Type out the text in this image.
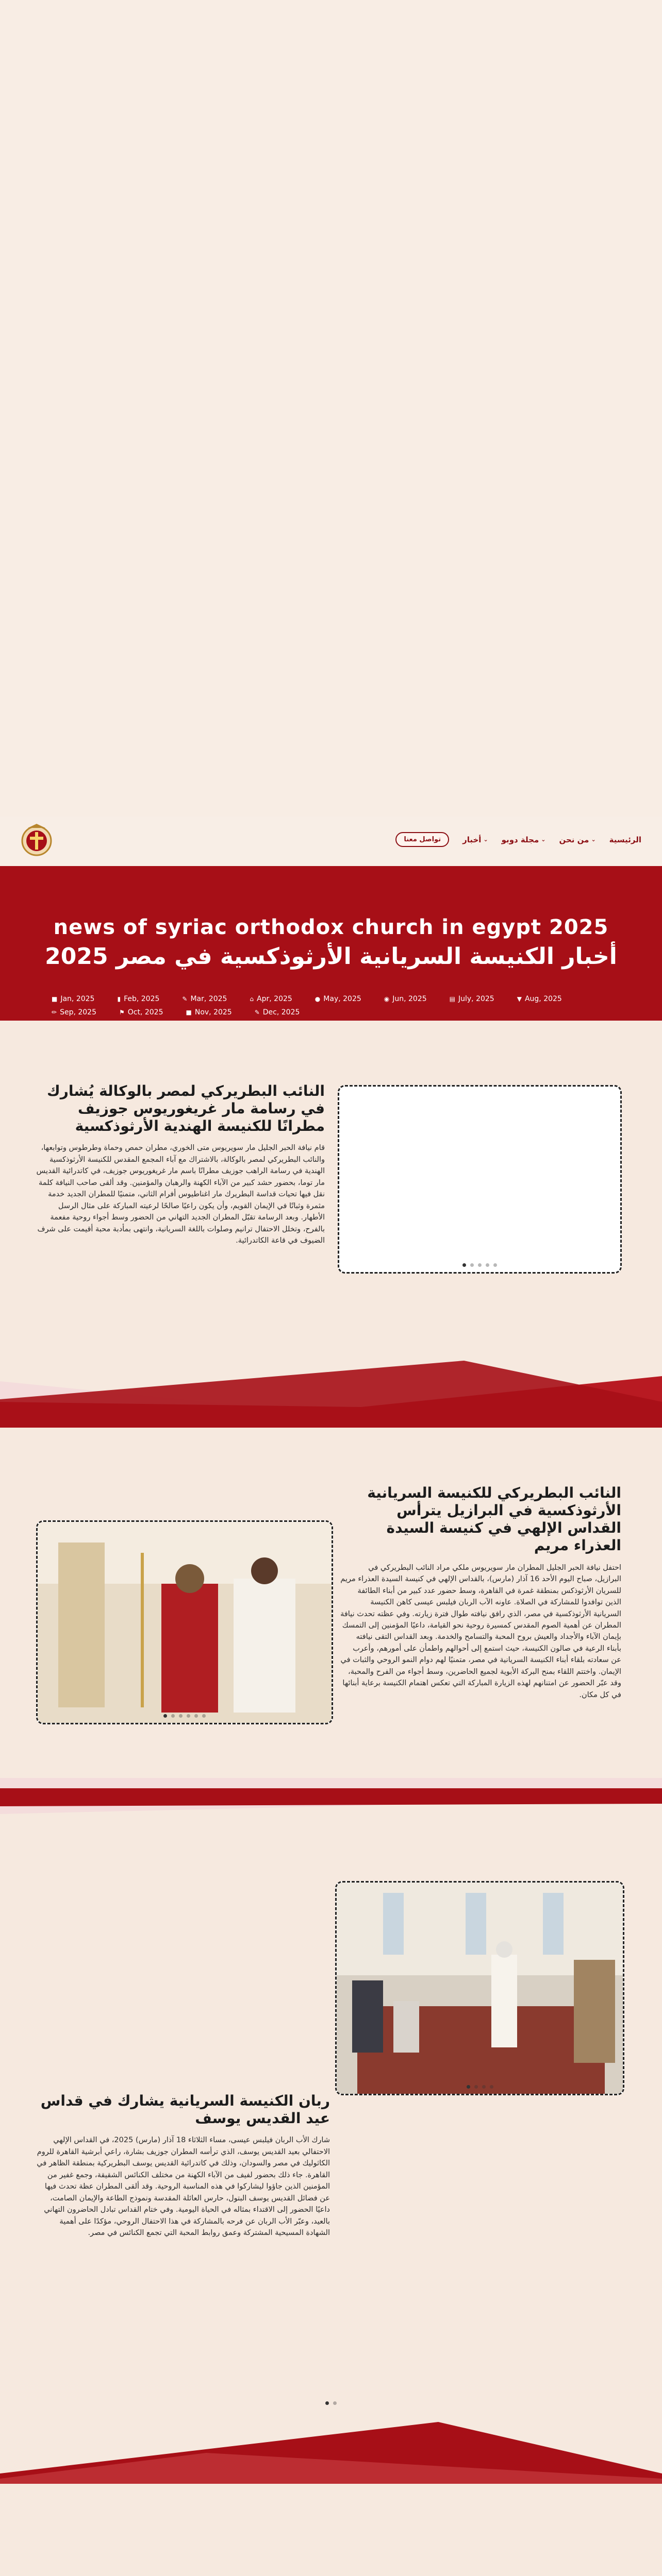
الرئيسية
من نحن ⌄
مجلة دوبو ⌄
أخبار ⌄
تواصل معنا
news of syriac orthodox church in egypt 2025
أخبار الكنيسة السريانية الأرثوذكسية في مصر 2025
■ Jan, 2025	▮ Feb, 2025	✎ Mar, 2025	⌂ Apr, 2025	● May, 2025	◉ Jun, 2025	▤ July, 2025	▼ Aug, 2025
✏ Sep, 2025	⚑ Oct, 2025	■ Nov, 2025	✎ Dec, 2025
النائب البطريركي لمصر بالوكالة يُشارك في رسامة مار غريغوريوس جوزيف مطرانًا للكنيسة الهندية الأرثوذكسية

قام نيافة الحبر الجليل مار سويريوس متى الخوري، مطران حمص وحماة وطرطوس وتوابعها، والنائب البطريركي لمصر بالوكالة، بالاشتراك مع آباء المجمع المقدس للكنيسة الأرثوذكسية الهندية في رسامة الراهب جوزيف مطرانًا باسم مار غريغوريوس جوزيف، في كاتدرائية القديس مار توما، بحضور حشد كبير من الآباء الكهنة والرهبان والمؤمنين. وقد ألقى صاحب النيافة كلمة نقل فيها تحيات قداسة البطريرك مار اغناطيوس أفرام الثاني، متمنيًا للمطران الجديد خدمة مثمرة وثباتًا في الإيمان القويم، وأن يكون راعيًا صالحًا لرعيته المباركة على مثال الرسل الأطهار. وبعد الرسامة تقبّل المطران الجديد التهاني من الحضور وسط أجواء روحية مفعمة بالفرح، وتخلل الاحتفال ترانيم وصلوات باللغة السريانية، وانتهى بمأدبة محبة أقيمت على شرف الضيوف في قاعة الكاتدرائية.

النائب البطريركي للكنيسة السريانية الأرثوذكسية في البرازيل يترأس القداس الإلهي في كنيسة السيدة العذراء مريم

احتفل نيافة الحبر الجليل المطران مار سويريوس ملكي مراد النائب البطريركي في البرازيل، صباح اليوم الأحد 16 آذار (مارس)، بالقداس الإلهي في كنيسة السيدة العذراء مريم للسريان الأرثوذكس بمنطقة غمرة في القاهرة، وسط حضور عدد كبير من أبناء الطائفة الذين توافدوا للمشاركة في الصلاة. عاونه الآب الربان فيلبس عيسى كاهن الكنيسة السريانية الأرثوذكسية في مصر، الذي رافق نيافته طوال فترة زيارته. وفي عظته تحدث نيافة المطران عن أهمية الصوم المقدس كمسيرة روحية نحو القيامة، داعيًا المؤمنين إلى التمسك بإيمان الآباء والأجداد والعيش بروح المحبة والتسامح والخدمة. وبعد القداس التقى نيافته بأبناء الرعية في صالون الكنيسة، حيث استمع إلى أحوالهم واطمأن على أمورهم، وأعرب عن سعادته بلقاء أبناء الكنيسة السريانية في مصر، متمنيًا لهم دوام النمو الروحي والثبات في الإيمان. واختتم اللقاء بمنح البركة الأبوية لجميع الحاضرين، وسط أجواء من الفرح والمحبة، وقد عبّر الحضور عن امتنانهم لهذه الزيارة المباركة التي تعكس اهتمام الكنيسة برعاية أبنائها في كل مكان.

ربان الكنيسة السريانية يشارك في قداس عيد القديس يوسف

شارك الأب الربان فيلبس عيسى، مساء الثلاثاء 18 آذار (مارس) 2025، في القداس الإلهي الاحتفالي بعيد القديس يوسف، الذي ترأسه المطران جوزيف بشارة، راعي أبرشية القاهرة للروم الكاثوليك في مصر والسودان، وذلك في كاتدرائية القديس يوسف البطريركية بمنطقة الظاهر في القاهرة. جاء ذلك بحضور لفيف من الآباء الكهنة من مختلف الكنائس الشقيقة، وجمع غفير من المؤمنين الذين جاؤوا ليشاركوا في هذه المناسبة الروحية. وقد ألقى المطران عظة تحدث فيها عن فضائل القديس يوسف البتول، حارس العائلة المقدسة ونموذج الطاعة والإيمان الصامت، داعيًا الحضور إلى الاقتداء بمثاله في الحياة اليومية. وفي ختام القداس تبادل الحاضرون التهاني بالعيد، وعبّر الأب الربان عن فرحه بالمشاركة في هذا الاحتفال الروحي، مؤكدًا على أهمية الشهادة المسيحية المشتركة وعمق روابط المحبة التي تجمع الكنائس في مصر.
